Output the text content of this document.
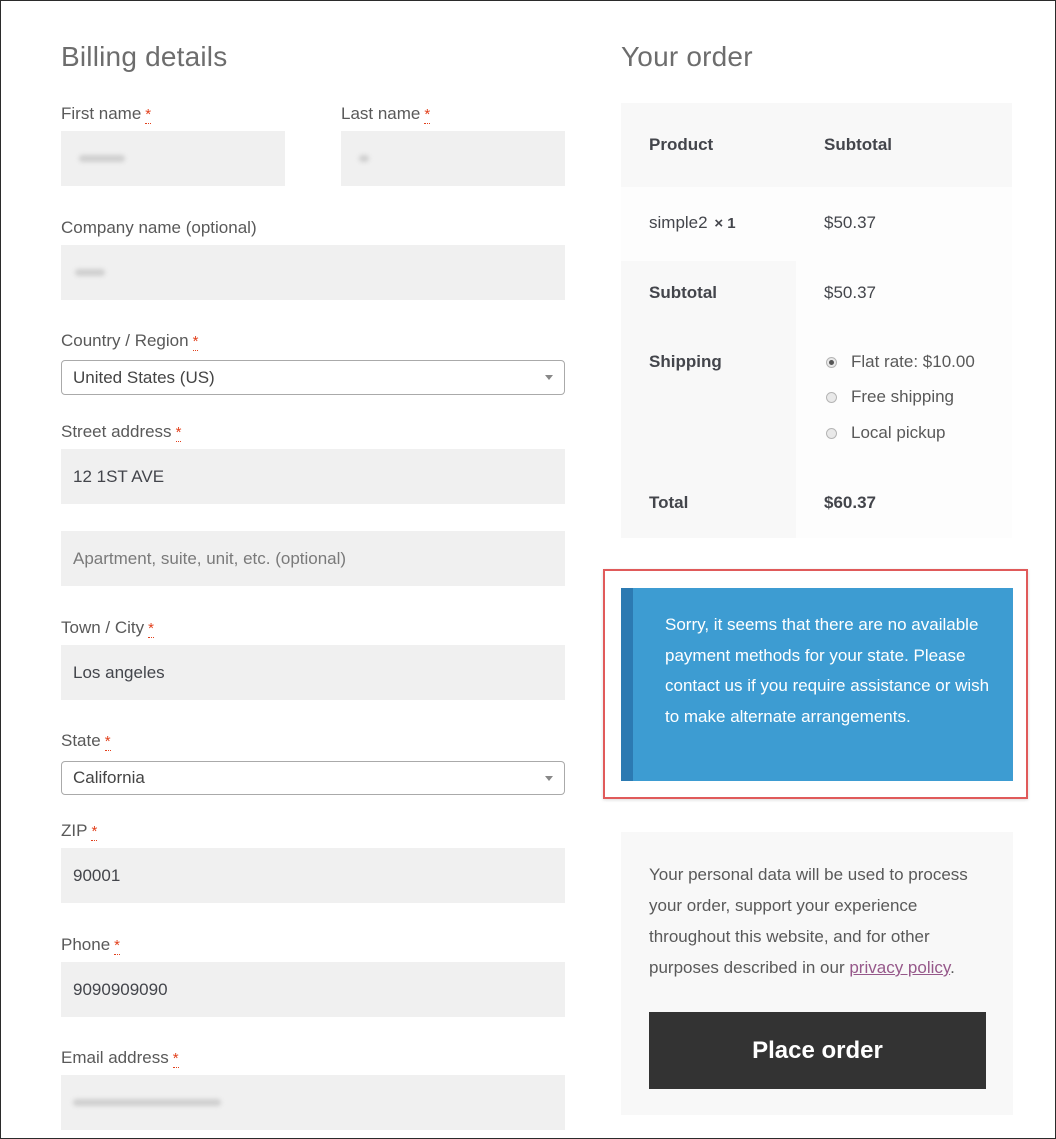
Billing details
First name *	Last name *
Company name (optional)
Country / Region *
United States (US)
Street address *
12 1ST AVE
Apartment, suite, unit, etc. (optional)
Town / City *
Los angeles
State *
California
ZIP *
90001
Phone *
9090909090
Email address *
Your order
Product	Subtotal
simple2 × 1	$50.37
Subtotal	$50.37
Shipping	Flat rate: $10.00
Free shipping
Local pickup
Total	$60.37
Sorry, it seems that there are no available payment methods for your state. Please contact us if you require assistance or wish to make alternate arrangements.
Your personal data will be used to process your order, support your experience throughout this website, and for other purposes described in our privacy policy.
Place order
